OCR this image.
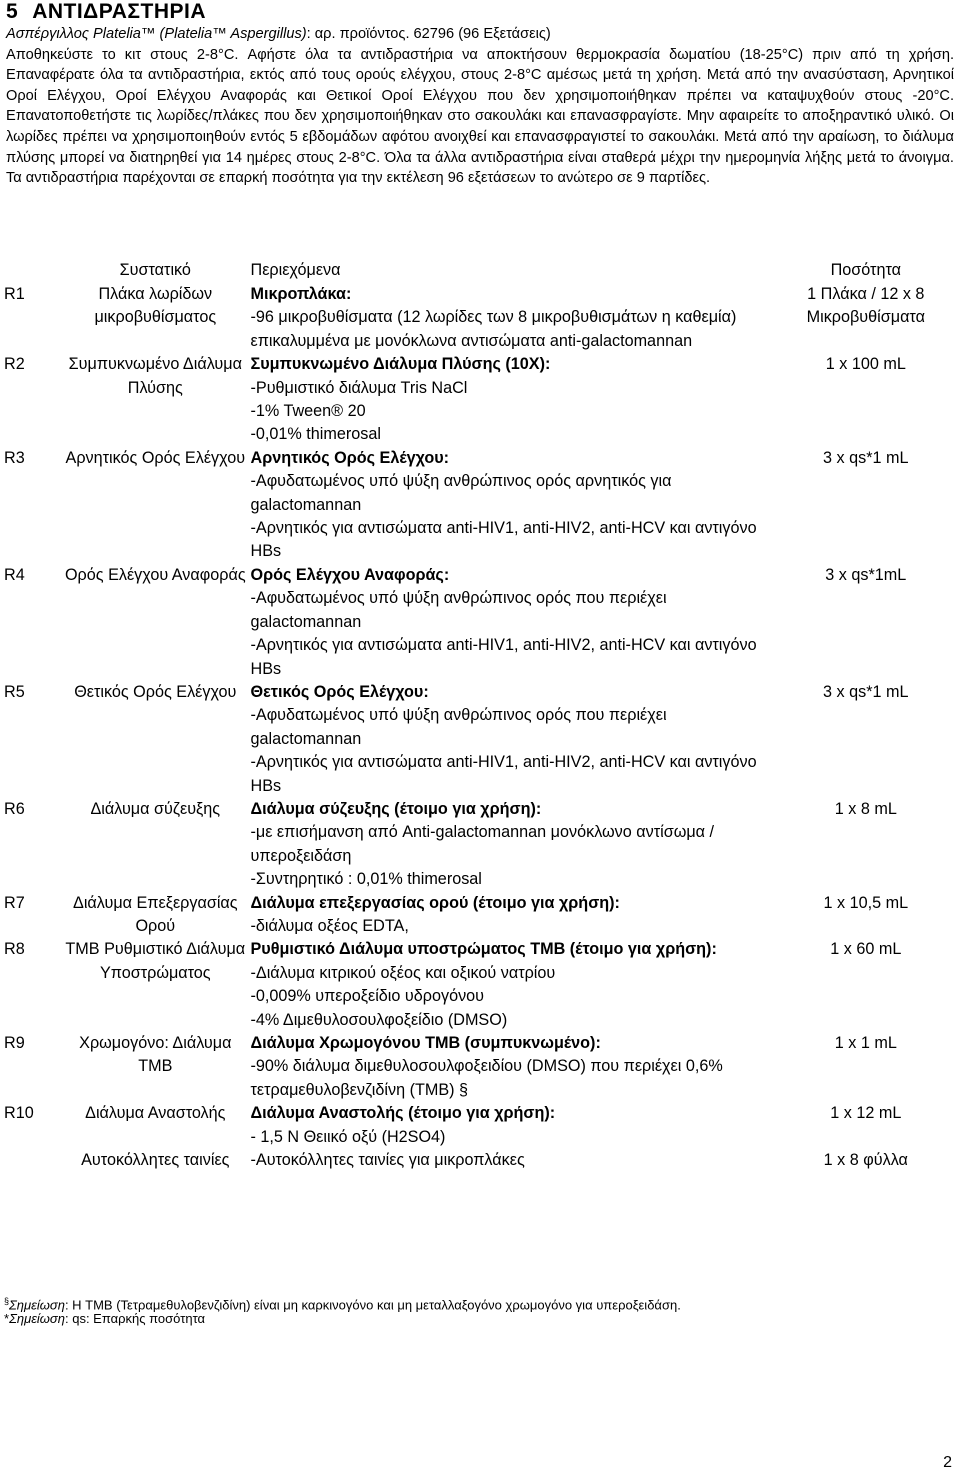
5 ΑΝΤΙΔΡΑΣΤΗΡΙΑ
Ασπέργιλλος Platelia™ (Platelia™ Aspergillus): αρ. προϊόντος. 62796 (96 Εξετάσεις)
Αποθηκεύστε το κιτ στους 2-8°C. Αφήστε όλα τα αντιδραστήρια να αποκτήσουν θερμοκρασία δωματίου (18-25°C) πριν από τη χρήση. Επαναφέρατε όλα τα αντιδραστήρια, εκτός από τους ορούς ελέγχου, στους 2-8°C αμέσως μετά τη χρήση. Μετά από την ανασύσταση, Αρνητικοί Οροί Ελέγχου, Οροί Ελέγχου Αναφοράς και Θετικοί Οροί Ελέγχου που δεν χρησιμοποιήθηκαν πρέπει να καταψυχθούν στους -20°C. Επανατοποθετήστε τις λωρίδες/πλάκες που δεν χρησιμοποιήθηκαν στο σακουλάκι και επανασφραγίστε. Μην αφαιρείτε το αποξηραντικό υλικό. Οι λωρίδες πρέπει να χρησιμοποιηθούν εντός 5 εβδομάδων αφότου ανοιχθεί και επανασφραγιστεί το σακουλάκι. Μετά από την αραίωση, το διάλυμα πλύσης μπορεί να διατηρηθεί για 14 ημέρες στους 2-8°C. Όλα τα άλλα αντιδραστήρια είναι σταθερά μέχρι την ημερομηνία λήξης μετά το άνοιγμα. Τα αντιδραστήρια παρέχονται σε επαρκή ποσότητα για την εκτέλεση 96 εξετάσεων το ανώτερο σε 9 παρτίδες.
	Συστατικό	Περιεχόμενα	Ποσότητα
R1	Πλάκα λωρίδων μικροβυθίσματος	Μικροπλάκα:
-96 μικροβυθίσματα (12 λωρίδες των 8 μικροβυθισμάτων η καθεμία) επικαλυμμένα με μονόκλωνα αντισώματα anti-galactomannan	1 Πλάκα / 12 x 8 Μικροβυθίσματα
R2	Συμπυκνωμένο Διάλυμα Πλύσης	Συμπυκνωμένο Διάλυμα Πλύσης (10X):
-Ρυθμιστικό διάλυμα Tris NaCl
-1% Tween® 20
-0,01% thimerosal	1 x 100 mL
R3	Αρνητικός Ορός Ελέγχου	Αρνητικός Ορός Ελέγχου:
-Αφυδατωμένος υπό ψύξη ανθρώπινος ορός αρνητικός για galactomannan
-Αρνητικός για αντισώματα anti-HIV1, anti-HIV2, anti-HCV και αντιγόνο HBs	3 x qs*1 mL
R4	Ορός Ελέγχου Αναφοράς	Ορός Ελέγχου Αναφοράς:
-Αφυδατωμένος υπό ψύξη ανθρώπινος ορός που περιέχει galactomannan
-Αρνητικός για αντισώματα anti-HIV1, anti-HIV2, anti-HCV και αντιγόνο HBs	3 x qs*1mL
R5	Θετικός Ορός Ελέγχου	Θετικός Ορός Ελέγχου:
-Αφυδατωμένος υπό ψύξη ανθρώπινος ορός που περιέχει galactomannan
-Αρνητικός για αντισώματα anti-HIV1, anti-HIV2, anti-HCV και αντιγόνο HBs	3 x qs*1 mL
R6	Διάλυμα σύζευξης	Διάλυμα σύζευξης (έτοιμο για χρήση):
-με επισήμανση από Anti-galactomannan μονόκλωνο αντίσωμα / υπεροξειδάση
-Συντηρητικό : 0,01% thimerosal	1 x 8 mL
R7	Διάλυμα Επεξεργασίας Ορού	Διάλυμα επεξεργασίας ορού (έτοιμο για χρήση):
-διάλυμα οξέος EDTA,	1 x 10,5 mL
R8	TMB Ρυθμιστικό Διάλυμα Υποστρώματος	Ρυθμιστικό Διάλυμα υποστρώματος TMB (έτοιμο για χρήση):
-Διάλυμα κιτρικού οξέος και οξικού νατρίου
-0,009% υπεροξείδιο υδρογόνου
-4% Διμεθυλοσουλφοξείδιο (DMSO)	1 x 60 mL
R9	Χρωμογόνο: Διάλυμα TMB	Διάλυμα Χρωμογόνου TMB (συμπυκνωμένο):
-90% διάλυμα διμεθυλοσουλφοξειδίου (DMSO) που περιέχει 0,6% τετραμεθυλοβενζιδίνη (TMB) §	1 x 1 mL
R10	Διάλυμα Αναστολής	Διάλυμα Αναστολής (έτοιμο για χρήση):
- 1,5 N Θειικό οξύ (H2SO4)	1 x 12 mL
	Αυτοκόλλητες ταινίες	-Αυτοκόλλητες ταινίες για μικροπλάκες	1 x 8 φύλλα
§Σημείωση: Η TMB (Τετραμεθυλοβενζιδίνη) είναι μη καρκινογόνο και μη μεταλλαξογόνο χρωμογόνο για υπεροξειδάση.
*Σημείωση: qs: Επαρκής ποσότητα
2
